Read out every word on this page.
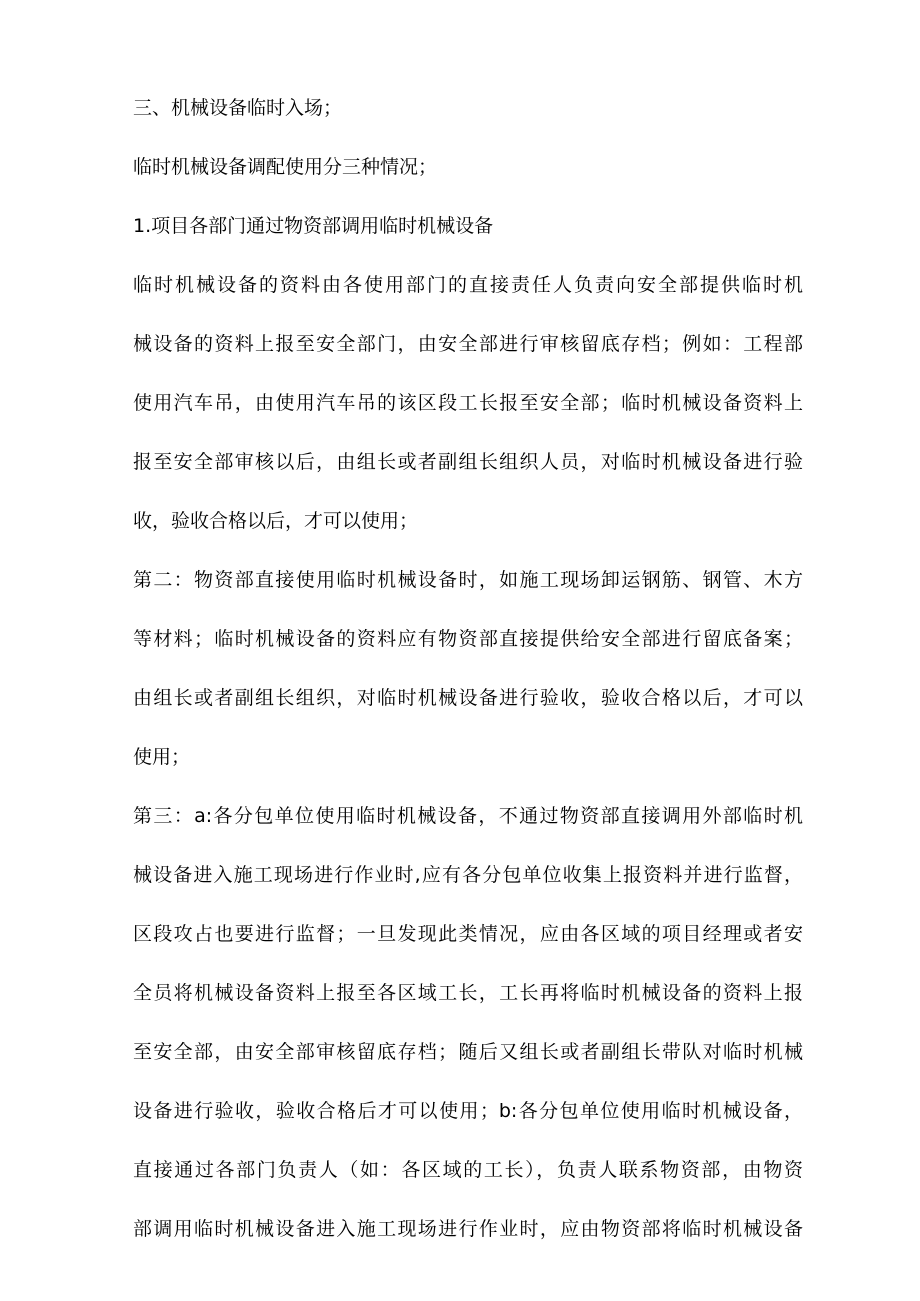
三、机械设备临时入场；
临时机械设备调配使用分三种情况；
1.项目各部门通过物资部调用临时机械设备
临时机械设备的资料由各使用部门的直接责任人负责向安全部提供临时机
械设备的资料上报至安全部门，由安全部进行审核留底存档；例如：工程部
使用汽车吊，由使用汽车吊的该区段工长报至安全部；临时机械设备资料上
报至安全部审核以后，由组长或者副组长组织人员，对临时机械设备进行验
收，验收合格以后，才可以使用；
第二：物资部直接使用临时机械设备时，如施工现场卸运钢筋、钢管、木方
等材料；临时机械设备的资料应有物资部直接提供给安全部进行留底备案；
由组长或者副组长组织，对临时机械设备进行验收，验收合格以后，才可以
使用；
第三：a:各分包单位使用临时机械设备，不通过物资部直接调用外部临时机
械设备进入施工现场进行作业时,应有各分包单位收集上报资料并进行监督，
区段攻占也要进行监督；一旦发现此类情况，应由各区域的项目经理或者安
全员将机械设备资料上报至各区域工长，工长再将临时机械设备的资料上报
至安全部，由安全部审核留底存档；随后又组长或者副组长带队对临时机械
设备进行验收，验收合格后才可以使用；b:各分包单位使用临时机械设备，
直接通过各部门负责人（如：各区域的工长），负责人联系物资部，由物资
部调用临时机械设备进入施工现场进行作业时，应由物资部将临时机械设备
